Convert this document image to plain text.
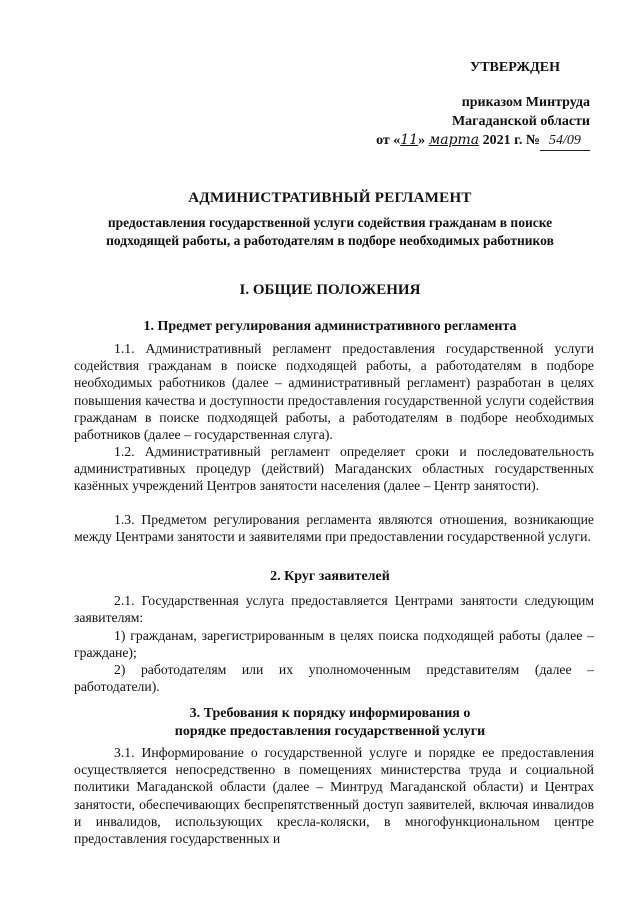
УТВЕРЖДЕН
приказом Минтруда
Магаданской области
от «11» марта 2021 г. № 54/09
АДМИНИСТРАТИВНЫЙ РЕГЛАМЕНТ
предоставления государственной услуги содействия гражданам в поиске подходящей работы, а работодателям в подборе необходимых работников
I. ОБЩИЕ ПОЛОЖЕНИЯ
1. Предмет регулирования административного регламента

1.1. Административный регламент предоставления государственной услуги содействия гражданам в поиске подходящей работы, а работодателям в подборе необходимых работников (далее – административный регламент) разработан в целях повышения качества и доступности предоставления государственной услуги содействия гражданам в поиске подходящей работы, а работодателям в подборе необходимых работников (далее – государственная слуга).

1.2. Административный регламент определяет сроки и последовательность административных процедур (действий) Магаданских областных государственных казённых учреждений Центров занятости населения (далее – Центр занятости).

1.3. Предметом регулирования регламента являются отношения, возникающие между Центрами занятости и заявителями при предоставлении государственной услуги.

2. Круг заявителей

2.1. Государственная услуга предоставляется Центрами занятости следующим заявителям:

1) гражданам, зарегистрированным в целях поиска подходящей работы (далее – граждане);

2) работодателям или их уполномоченным представителям (далее – работодатели).

3. Требования к порядку информирования о
порядке предоставления государственной услуги

3.1. Информирование о государственной услуге и порядке ее предоставления осуществляется непосредственно в помещениях министерства труда и социальной политики Магаданской области (далее – Минтруд Магаданской области) и Центрах занятости, обеспечивающих беспрепятственный доступ заявителей, включая инвалидов и инвалидов, использующих кресла-коляски, в многофункциональном центре предоставления государственных и
